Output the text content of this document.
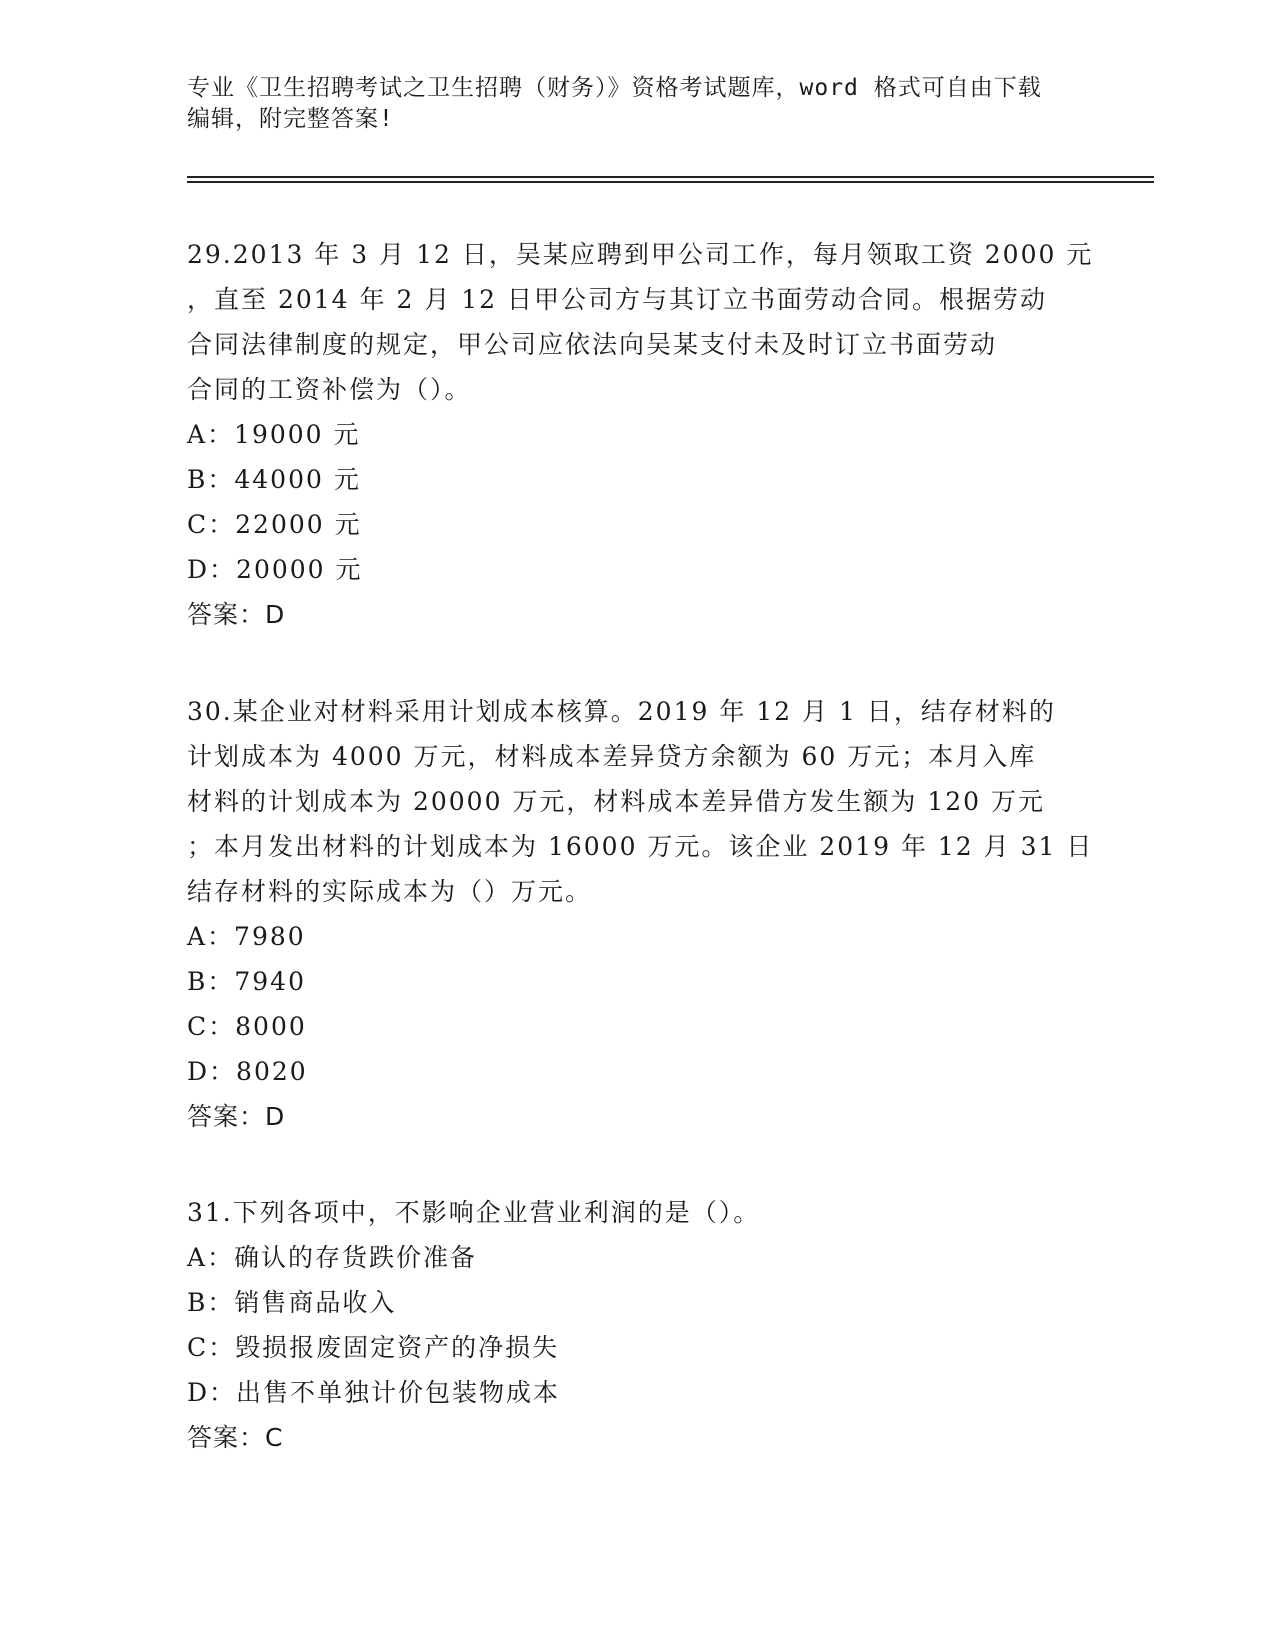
专业《卫生招聘考试之卫生招聘（财务）》资格考试题库，word 格式可自由下载
编辑，附完整答案!
29.2013 年 3 月 12 日，吴某应聘到甲公司工作，每月领取工资 2000 元
，直至 2014 年 2 月 12 日甲公司方与其订立书面劳动合同。根据劳动
合同法律制度的规定，甲公司应依法向吴某支付未及时订立书面劳动
合同的工资补偿为（）。
A：19000 元
B：44000 元
C：22000 元
D：20000 元
答案：D
30.某企业对材料采用计划成本核算。2019 年 12 月 1 日，结存材料的
计划成本为 4000 万元，材料成本差异贷方余额为 60 万元；本月入库
材料的计划成本为 20000 万元，材料成本差异借方发生额为 120 万元
；本月发出材料的计划成本为 16000 万元。该企业 2019 年 12 月 31 日
结存材料的实际成本为（）万元。
A：7980
B：7940
C：8000
D：8020
答案：D
31.下列各项中，不影响企业营业利润的是（）。
A：确认的存货跌价准备
B：销售商品收入
C：毁损报废固定资产的净损失
D：出售不单独计价包装物成本
答案：C
